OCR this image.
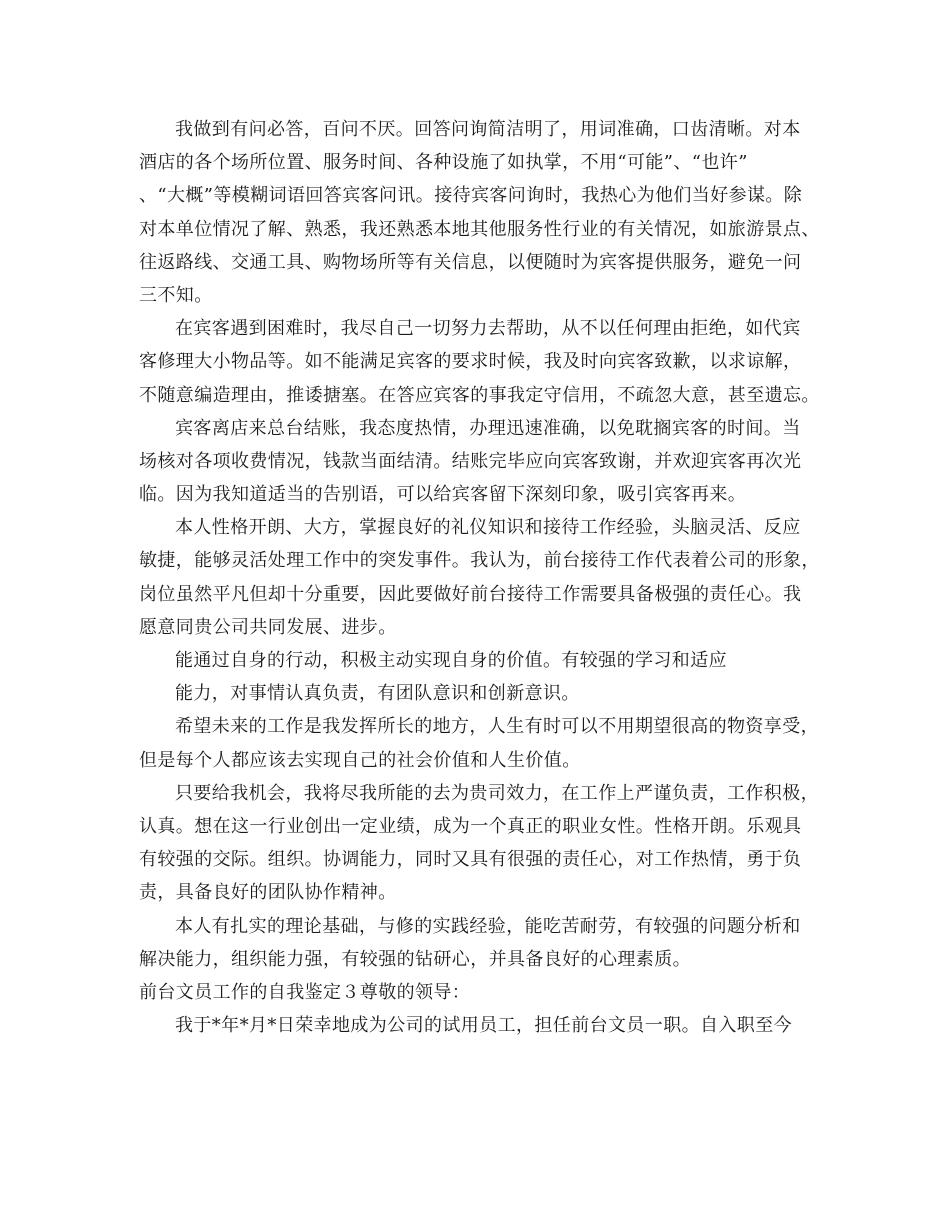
我做到有问必答，百问不厌。回答问询简洁明了，用词准确，口齿清晰。对本
酒店的各个场所位置、服务时间、各种设施了如执掌，不用“可能”、“也许”
、“大概”等模糊词语回答宾客问讯。接待宾客问询时，我热心为他们当好参谋。除
对本单位情况了解、熟悉，我还熟悉本地其他服务性行业的有关情况，如旅游景点、
往返路线、交通工具、购物场所等有关信息，以便随时为宾客提供服务，避免一问
三不知。
在宾客遇到困难时，我尽自己一切努力去帮助，从不以任何理由拒绝，如代宾
客修理大小物品等。如不能满足宾客的要求时候，我及时向宾客致歉，以求谅解，
不随意编造理由，推诿搪塞。在答应宾客的事我定守信用，不疏忽大意，甚至遗忘。
宾客离店来总台结账，我态度热情，办理迅速准确，以免耽搁宾客的时间。当
场核对各项收费情况，钱款当面结清。结账完毕应向宾客致谢，并欢迎宾客再次光
临。因为我知道适当的告别语，可以给宾客留下深刻印象，吸引宾客再来。
本人性格开朗、大方，掌握良好的礼仪知识和接待工作经验，头脑灵活、反应
敏捷，能够灵活处理工作中的突发事件。我认为，前台接待工作代表着公司的形象，
岗位虽然平凡但却十分重要，因此要做好前台接待工作需要具备极强的责任心。我
愿意同贵公司共同发展、进步。
能通过自身的行动，积极主动实现自身的价值。有较强的学习和适应
能力，对事情认真负责，有团队意识和创新意识。
希望未来的工作是我发挥所长的地方，人生有时可以不用期望很高的物资享受，
但是每个人都应该去实现自己的社会价值和人生价值。
只要给我机会，我将尽我所能的去为贵司效力，在工作上严谨负责，工作积极，
认真。想在这一行业创出一定业绩，成为一个真正的职业女性。性格开朗。乐观具
有较强的交际。组织。协调能力，同时又具有很强的责任心，对工作热情，勇于负
责，具备良好的团队协作精神。
本人有扎实的理论基础，与修的实践经验，能吃苦耐劳，有较强的问题分析和
解决能力，组织能力强，有较强的钻研心，并具备良好的心理素质。
前台文员工作的自我鉴定３尊敬的领导：
我于*年*月*日荣幸地成为公司的试用员工，担任前台文员一职。自入职至今
